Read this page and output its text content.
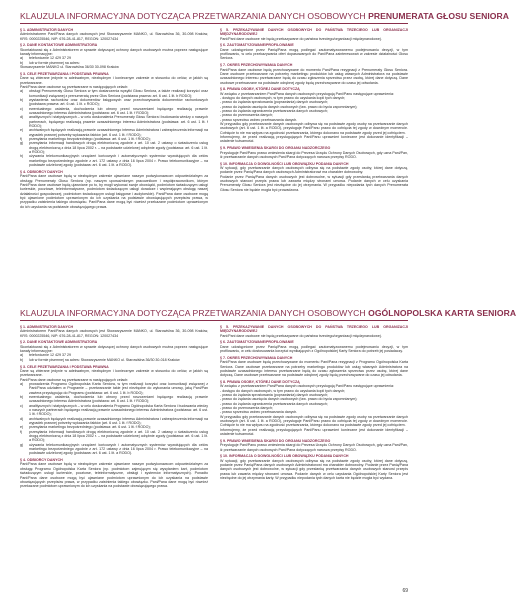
KLAUZULA INFORMACYJNA DOTYCZĄCA PRZETWARZANIA DANYCH OSOBOWYCH PRENUMERATA GŁOSU SENIORA
§ 1. ADMINISTRATOR DANYCH
Administratorem Pani/Pana danych osobowych jest Stowarzyszenie MANKO, ul. Starowiślna 36, 30-098 Kraków, KRS: 0000225546, NIP: 676-28-41-817, REGON: 120027434
§ 2. DANE KONTAKTOWE ADMINISTRATORA
Skontaktować się z Administratorem w sprawie dotyczącej ochrony danych osobowych można poprzez następujące kanały informacyjne:
a)	telefonicznie 12 429 37 29
b)	lub w formie pisemnej na adres:
Stowarzyszenie MANKO ul. Starowiślna 36/30 30-098 Kraków
§ 3. CELE PRZETWARZANIA I PODSTAWA PRAWNA
Dane są zbierane jedynie w adekwatnym, niezbędnym i koniecznym zakresie w stosunku do celów, w jakich są przetwarzane.
Pani/Pana dane osobowe są przetwarzane w następujących celach:
a)	obsługi Prenumeraty Głosu Seniora w tym dostarczenia wysyłki Głosu Seniora, a także realizacji korzyści oraz komunikacji związanej z prenumeratą przez Głos Seniora (podstawa prawna: art. 6 ust. 1 lit. b RODO);
b)	wystawienia rachunków oraz dokumentów księgowych oraz przechowywania dokumentów rachunkowych (podstawa prawna: art. 6 ust. 1 lit. c RODO);
c)	ewentualnego ustalenia, dochodzenia lub obrony przed roszczeniami będącego realizacją prawnie uzasadnionego interesu Administratora (podstawa: art. 6 ust. 1 lit. f RODO);
d)	analitycznych i statystycznych – w celu doskonalenia Prenumeraty Głosu Seniora i budowania wiedzy o naszych partnerach, będącego realizacją prawnie uzasadnionego interesu Administratora (podstawa: art. 6 ust. 1 lit. f RODO);
e)	archiwalnych będących realizacją prawnie uzasadnionego interesu Administratora i zabezpieczenia informacji na wypadek prawnej potrzeby wykazania faktów (art. 6 ust. 1 lit. f RODO);
f)	przesyłania marketingu bezpośredniego (podstawa: art. 6 ust. 1 lit. f RODO);
g)	przesyłania informacji handlowych drogą elektroniczną zgodnie z art. 10 ust. 2 ustawy o świadczeniu usług drogą elektroniczną z dnia 18 lipca 2002 r. – na podstawie udzielonej odrębnie zgody (podstawa: art. 6 ust. 1 lit. a RODO);
h)	używania telekomunikacyjnych urządzeń końcowych i automatycznych systemów wywołujących dla celów marketingu bezpośredniego zgodnie z art. 172 ustawy z dnia 16 lipca 2004 r. Prawo telekomunikacyjne – na podstawie udzielonej zgody (podstawa: art. 6 ust. 1 lit. a RODO).
§ 4. ODBIORCY DANYCH
Pani/Pana dane osobowe będą w niezbędnym zakresie ujawniane naszym podwykonawcom odpowiedzialnym za obsługę Prenumeraty Głosu Seniora (np. naszym upoważnionym pracownikom i współpracownikom, którym Pani/Pana dane osobowe będą ujawniane po to, by mogli wykonać swoje obowiązki, podmiotom świadczącym usługi kurierskie, pocztowe, teleinformatyczne, podmiotom świadczącym usługi doradcze i wspierającym obsługę naszej działalności gospodarczej, podmiotom świadczącym usługi księgowe i audytorskie). Pani/Pana dane osobowe mogą być ujawnione podmiotom uprawnionym do ich uzyskania na podstawie obowiązujących przepisów prawa, w przypadku zaistnienia takiego obowiązku. Pani/Pana dane mogą być również przekazane podmiotom uprawnionym do ich uzyskania na podstawie obowiązującego prawa.
§ 5. PRZEKAZYWANIE DANYCH OSOBOWYCH DO PAŃSTWA TRZECIEGO LUB ORGANIZACJI MIĘDZYNARODOWEJ
Pani/Pani dane osobowe nie będą przekazywane do państwa trzeciego/organizacji międzynarodowej.
§ 6. ZAUTOMATYZOWANE/PROFILOWANIE
Dane udostępnione przez Panią/Pana mogą podlegać zautomatyzowanemu podejmowaniu decyzji, w tym profilowaniu, w celu przekazywania ofert dopasowanych do Pani/Pana zainteresowań w zakresie działalności Głosu Seniora.
§ 7. OKRES PRZECHOWYWANIA DANYCH
Pani/Pana dane osobowe będą przechowywane do momentu Pani/Pana rezygnacji z Prenumeraty Głosu Seniora. Dane osobowe przetwarzane na potrzeby marketingu produktów lub usług własnych Administratora na podstawie uzasadnionego interesu przetwarzane będą do czasu zgłoszenia sprzeciwu przez osobę, której dane dotyczą. Dane osobowe przetwarzane na podstawie odrębnej zgody będą przechowywane do czasu jej odwołania.
§ 8. PRAWA OSOBY, KTÓREJ DANE DOTYCZĄ
W związku z przetwarzaniem Pani/Pana danych osobowych przysługują Pani/Panu następujące uprawnienia:
- dostępu do danych osobowych, w tym prawo do uzyskania kopii tych danych;
- prawo do żądania sprostowania (poprawiania) danych osobowych;
- prawo do żądania usunięcia danych osobowych (tzw. prawo do bycia zapomnianym);
- prawo do żądania ograniczenia przetwarzania danych osobowych;
- prawo do przenoszenia danych;
- prawo sprzeciwu wobec przetwarzania danych.
W przypadku gdy przetwarzanie danych osobowych odbywa się na podstawie zgody osoby na przetwarzanie danych osobowych (art. 6 ust. 1 lit. a RODO), przysługuje Pani/Panu prawo do cofnięcia tej zgody w dowolnym momencie. Cofnięcie to nie ma wpływu na zgodność przetwarzania, którego dokonano na podstawie zgody przed jej cofnięciem.
Informujemy, że przed realizacją przysługujących Pani/Panu uprawnień konieczne jest dokonanie identyfikacji – ustalenie tożsamości.
§ 9. PRAWO WNIESIENIA SKARGI DO ORGANU NADZORCZEGO
Przysługuje Pani/Panu prawo wniesienia skargi do Prezesa Urzędu Ochrony Danych Osobowych, gdy uzna Pani/Pan, iż przetwarzanie danych osobowych Pani/Pana dotyczących narusza przepisy RODO.
§ 10. INFORMACJA O DOWOLNOŚCI LUB OBOWIĄZKU PODANIA DANYCH
W sytuacji, gdy przetwarzanie danych osobowych odbywa się na podstawie zgody osoby, której dane dotyczą, podanie przez Panią/Pana danych osobowych Administratorowi ma charakter dobrowolny.
Podanie przez Panią/Pana danych osobowych jest dobrowolne, w sytuacji gdy przesłanką przetwarzania danych osobowych stanowi przepis prawa lub zawarta między stronami umowa. Podanie danych w celu uzyskania Prenumeraty Głosu Seniora jest niezbędne do jej otrzymania. W przypadku niepodania tych danych Prenumerata Głosu Seniora nie będzie mogła być prowadzona.
KLAUZULA INFORMACYJNA DOTYCZĄCA PRZETWARZANIA DANYCH OSOBOWYCH OGÓLNOPOLSKA KARTA SENIORA
§ 1. ADMINISTRATOR DANYCH
Administratorem Pani/Pana danych osobowych jest Stowarzyszenie MANKO, ul. Starowiślna 36, 30-098 Kraków, KRS: 0000225546, NIP: 676-28-41-817, REGON: 120027434
§ 2. DANE KONTAKTOWE ADMINISTRATORA
Skontaktować się z Administratorem w sprawie dotyczącej ochrony danych osobowych można poprzez następujące kanały informacyjne:
a)	telefonicznie 12 429 37 29
b)	lub w formie pisemnej na adres: Stowarzyszenie MANKO ul. Starowiślna 36/30 30-018 Kraków
§ 3. CELE PRZETWARZANIA I PODSTAWA PRAWNA
Dane są zbierane jedynie w adekwatnym, niezbędnym i koniecznym zakresie w stosunku do celów, w jakich są przetwarzane.
Pani/Pana dane osobowe są przetwarzane w następujących celach:
a)	prowadzenia Programu Ogólnopolska Karta Seniora, w tym realizacji korzyści oraz komunikacji związanej z Pani/Pana udziałem w Programie – przetwarzanie takie jest niezbędne do wykonania umowy, jaką Pani/Pan zawiera przystępując do Programu (podstawa: art. 6 ust. 1 lit. b RODO);
b)	ewentualnego ustalenia, dochodzenia lub obrony przed roszczeniami będącego realizacją prawnie uzasadnionego interesu Administratora (podstawa: art. 6 ust. 1 lit. f RODO);
c)	analitycznych i statystycznych – w celu doskonalenia Programu Ogólnopolska Karta Seniora i budowania wiedzy o naszych partnerach będącego realizacją prawnie uzasadnionego interesu Administratora (podstawa: art. 6 ust. 1 lit. f RODO);
d)	archiwalnych będących realizacją prawnie uzasadnionego interesu Administratora i zabezpieczenia informacji na wypadek prawnej potrzeby wykazania faktów (art. 6 ust. 1 lit. f RODO);
e)	przesyłania marketingu bezpośredniego (podstawa: art. 6 ust. 1 lit. f RODO);
f)	przesyłania informacji handlowych drogą elektroniczną zgodnie z art. 10 ust. 2 ustawy o świadczeniu usług drogą elektroniczną z dnia 18 lipca 2002 r. – na podstawie udzielonej odrębnie zgody (podstawa: art. 6 ust. 1 lit. a RODO);
g)	używania telekomunikacyjnych urządzeń końcowych i automatycznych systemów wywołujących dla celów marketingu bezpośredniego zgodnie z art. 172 ustawy z dnia 16 lipca 2004 r. Prawo telekomunikacyjne – na podstawie udzielonej zgody (podstawa: art. 6 ust. 1 lit. a RODO).
§ 4. ODBIORCY DANYCH
Pani/Pana dane osobowe będą w niezbędnym zakresie ujawniane naszym podwykonawcom odpowiedzialnym za obsługę Programu Ogólnopolska Karta Seniora (np. podmiotom zajmującym się wysyłaniem kart, podmiotom świadczącym usługi kurierskie, pocztowe, teleinformatyczne, obsługi i systemów informatycznych). Ponadto Pani/Pana dane osobowe mogą być ujawniane podmiotom uprawnionym do ich uzyskania na podstawie obowiązujących przepisów prawa, w przypadku zaistnienia takiego obowiązku. Pani/Pana dane mogą być również przekazane podmiotom uprawnionym do ich uzyskania na podstawie obowiązującego prawa.
§ 5. PRZEKAZYWANIE DANYCH OSOBOWYCH DO PAŃSTWA TRZECIEGO LUB ORGANIZACJI MIĘDZYNARODOWEJ
Pani/Pani dane osobowe nie będą przekazywane do państwa trzeciego/organizacji międzynarodowej.
§ 6. ZAUTOMATYZOWANE/PROFILOWANIE
Dane udostępnione przez Panią/Pana mogą podlegać zautomatyzowanemu podejmowaniu decyzji, w tym profilowaniu, w celu dostosowania korzyści wynikających z Ogólnopolskiej Karty Seniora do potrzeb jej posiadaczy.
§ 7. OKRES PRZECHOWYWANIA DANYCH
Pani/Pana dane osobowe będą przechowywane do momentu Pani/Pana rezygnacji z Programu Ogólnopolska Karta Seniora. Dane osobowe przetwarzane na potrzeby marketingu produktów lub usług własnych Administratora na podstawie uzasadnionego interesu przetwarzane będą do czasu zgłoszenia sprzeciwu przez osobę, której dane dotyczą. Dane osobowe przetwarzane na podstawie odrębnej zgody będą przechowywane do czasu jej odwołania.
§ 8. PRAWA OSOBY, KTÓREJ DANE DOTYCZĄ
W związku z przetwarzaniem Pani/Pana danych osobowych przysługują Pani/Panu następujące uprawnienia:
- dostępu do danych osobowych, w tym prawo do uzyskania kopii tych danych;
- prawo do żądania sprostowania (poprawiania) danych osobowych;
- prawo do żądania usunięcia danych osobowych (tzw. prawo do bycia zapomnianym);
- prawo do żądania ograniczenia przetwarzania danych osobowych;
- prawo do przenoszenia danych;
- prawo sprzeciwu wobec przetwarzania danych.
W przypadku gdy przetwarzanie danych osobowych odbywa się na podstawie zgody osoby na przetwarzanie danych osobowych (art. 6 ust. 1 lit. a RODO), przysługuje Pani/Panu prawo do cofnięcia tej zgody w dowolnym momencie. Cofnięcie to nie ma wpływu na zgodność przetwarzania, którego dokonano na podstawie zgody przed jej cofnięciem.
Informujemy, że przed realizacją przysługujących Pani/Panu uprawnień konieczne jest dokonanie identyfikacji – ustalenie tożsamości.
§ 9. PRAWO WNIESIENIA SKARGI DO ORGANU NADZORCZEGO
Przysługuje Pani/Panu prawo wniesienia skargi do Prezesa Urzędu Ochrony Danych Osobowych, gdy uzna Pani/Pan, iż przetwarzanie danych osobowych Pani/Pana dotyczących narusza przepisy RODO.
§ 10. INFORMACJA O DOWOLNOŚCI LUB OBOWIĄZKU PODANIA DANYCH
W sytuacji, gdy przetwarzanie danych osobowych odbywa się na podstawie zgody osoby, której dane dotyczą, podanie przez Panią/Pana danych osobowych Administratorowi ma charakter dobrowolny. Podanie przez Panią/Pana danych osobowych jest dobrowolne, w sytuacji gdy przesłanką przetwarzania danych osobowych stanowi przepis prawa lub zawarta między stronami umowa. Podanie danych w celu uzyskania Ogólnopolskiej Karty Seniora jest niezbędne do jej otrzymania karty. W przypadku niepodania tych danych karta nie będzie mogła być wydana.
69
